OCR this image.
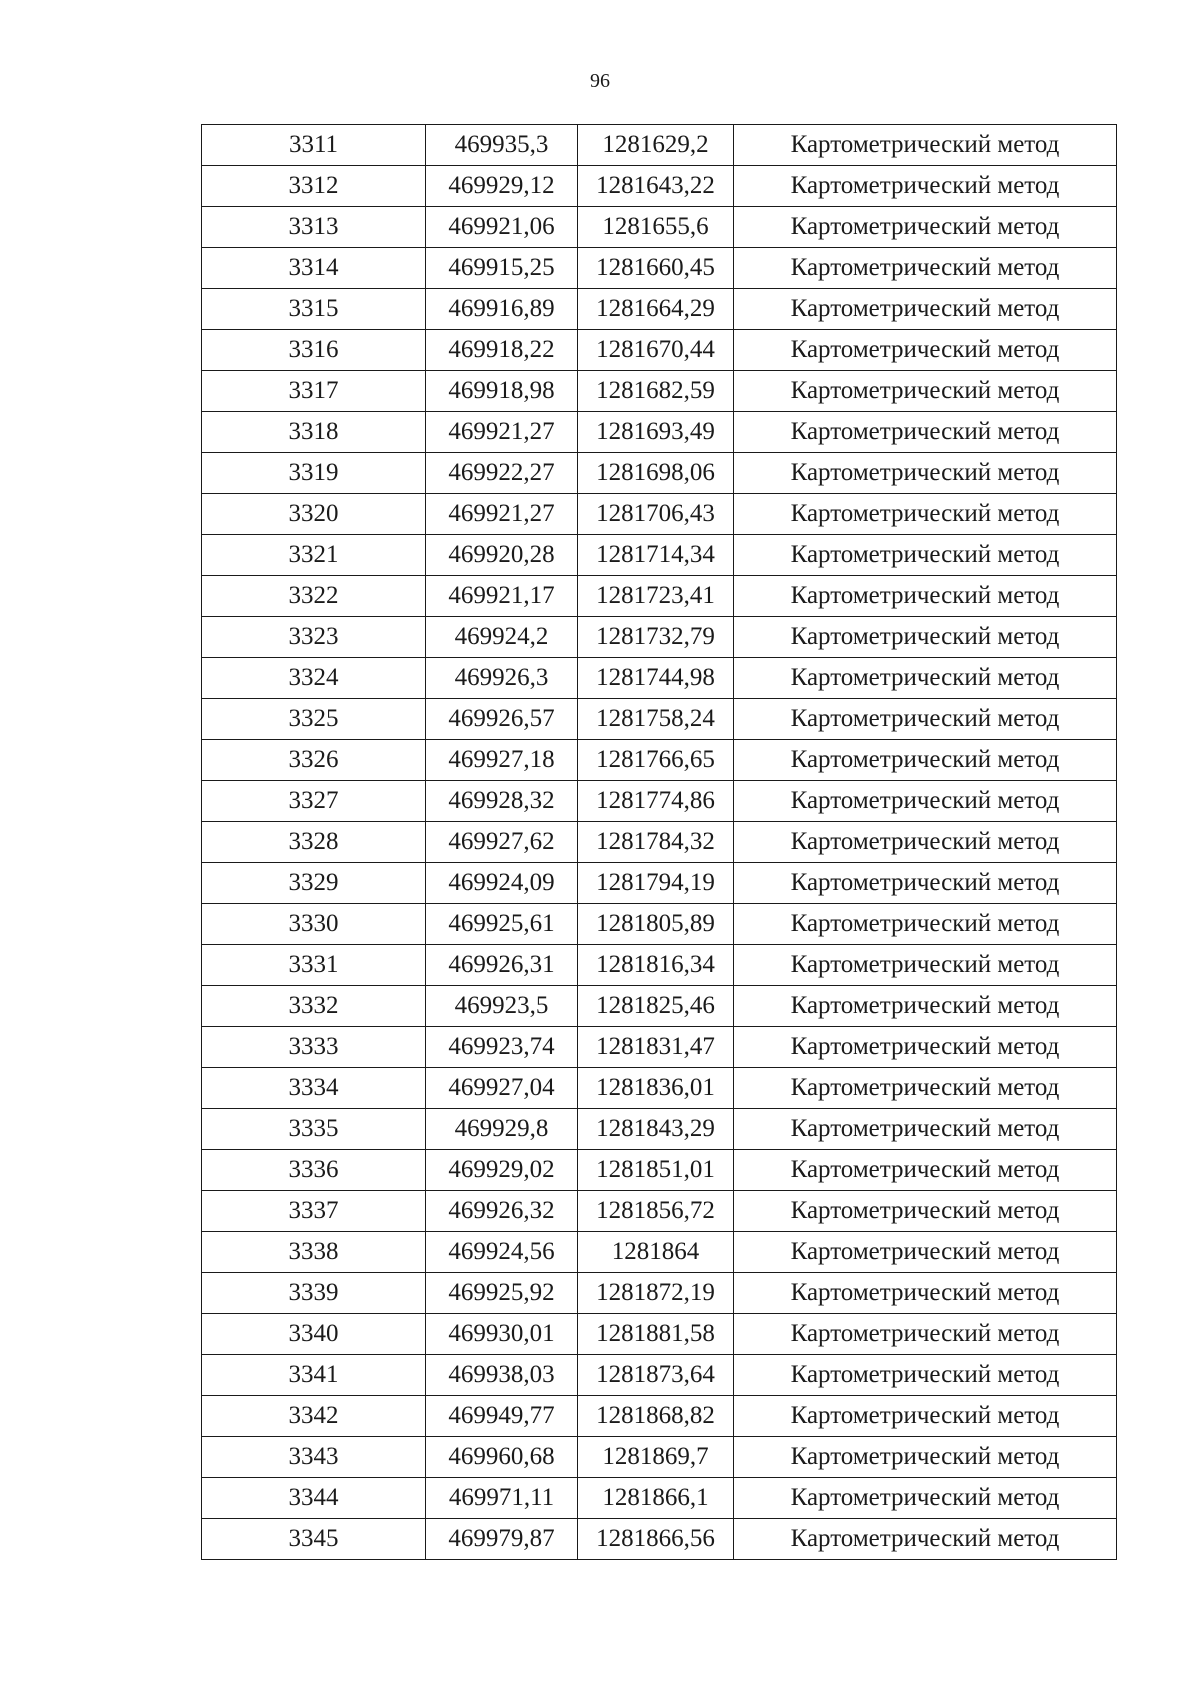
96
3311	469935,3	1281629,2	Картометрический метод
3312	469929,12	1281643,22	Картометрический метод
3313	469921,06	1281655,6	Картометрический метод
3314	469915,25	1281660,45	Картометрический метод
3315	469916,89	1281664,29	Картометрический метод
3316	469918,22	1281670,44	Картометрический метод
3317	469918,98	1281682,59	Картометрический метод
3318	469921,27	1281693,49	Картометрический метод
3319	469922,27	1281698,06	Картометрический метод
3320	469921,27	1281706,43	Картометрический метод
3321	469920,28	1281714,34	Картометрический метод
3322	469921,17	1281723,41	Картометрический метод
3323	469924,2	1281732,79	Картометрический метод
3324	469926,3	1281744,98	Картометрический метод
3325	469926,57	1281758,24	Картометрический метод
3326	469927,18	1281766,65	Картометрический метод
3327	469928,32	1281774,86	Картометрический метод
3328	469927,62	1281784,32	Картометрический метод
3329	469924,09	1281794,19	Картометрический метод
3330	469925,61	1281805,89	Картометрический метод
3331	469926,31	1281816,34	Картометрический метод
3332	469923,5	1281825,46	Картометрический метод
3333	469923,74	1281831,47	Картометрический метод
3334	469927,04	1281836,01	Картометрический метод
3335	469929,8	1281843,29	Картометрический метод
3336	469929,02	1281851,01	Картометрический метод
3337	469926,32	1281856,72	Картометрический метод
3338	469924,56	1281864	Картометрический метод
3339	469925,92	1281872,19	Картометрический метод
3340	469930,01	1281881,58	Картометрический метод
3341	469938,03	1281873,64	Картометрический метод
3342	469949,77	1281868,82	Картометрический метод
3343	469960,68	1281869,7	Картометрический метод
3344	469971,11	1281866,1	Картометрический метод
3345	469979,87	1281866,56	Картометрический метод
